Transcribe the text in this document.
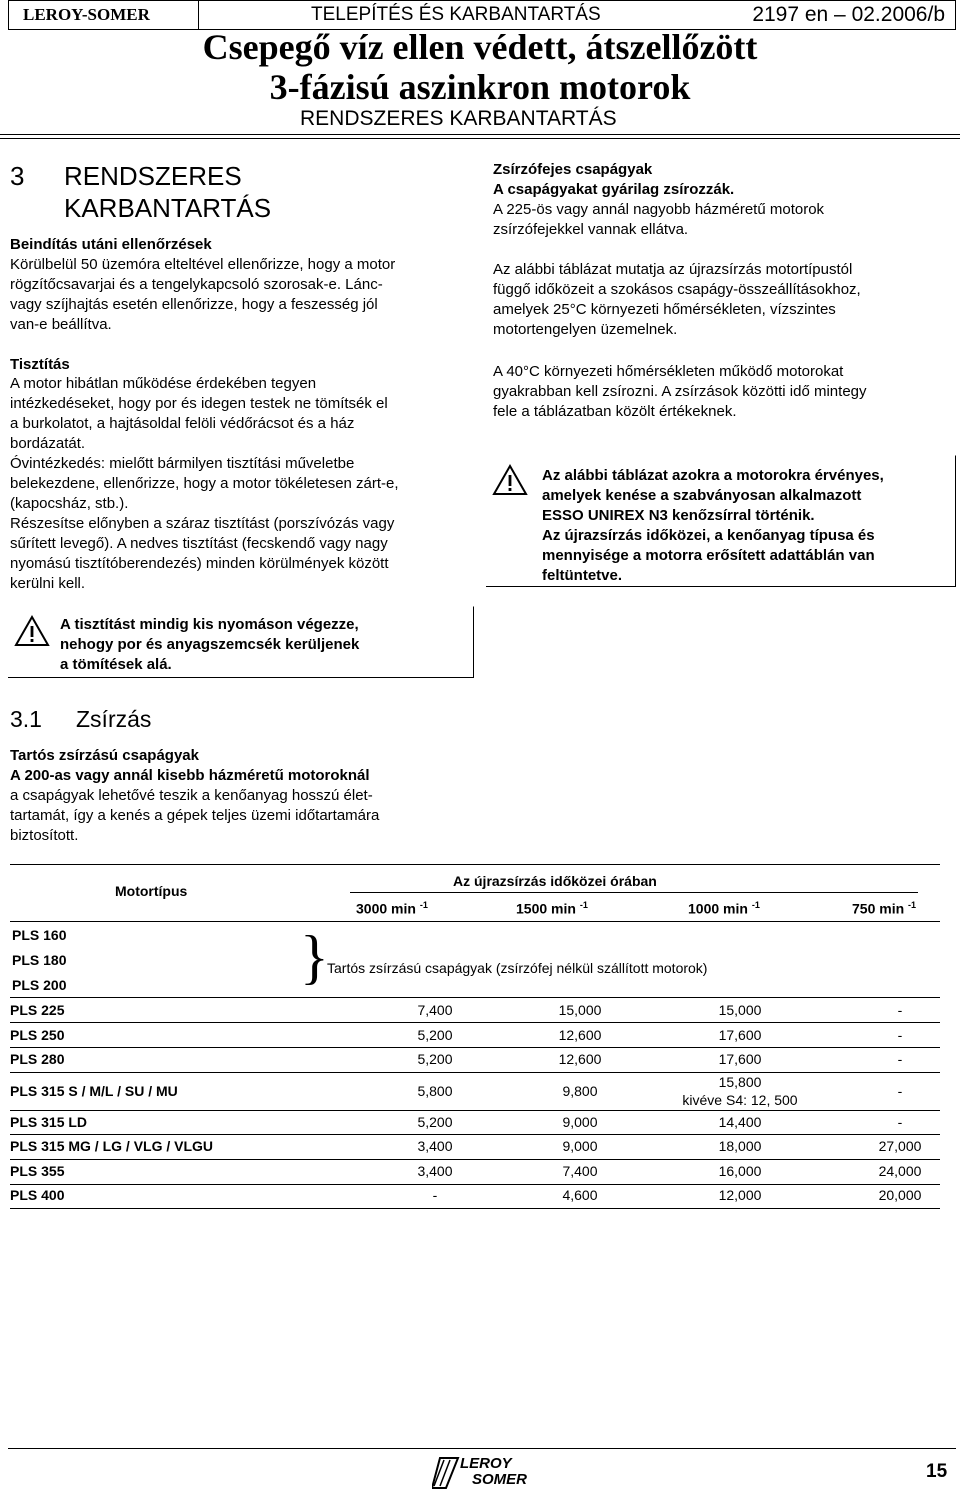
LEROY-SOMER	TELEPÍTÉS ÉS KARBANTARTÁS	2197 en – 02.2006/b
Csepegő víz ellen védett, átszellőzött
3-fázisú aszinkron motorok
RENDSZERES KARBANTARTÁS
3 RENDSZERES
KARBANTARTÁS
Beindítás utáni ellenőrzések
Körülbelül 50 üzemóra elteltével ellenőrizze, hogy a motor
rögzítőcsavarjai és a tengelykapcsoló szorosak-e. Lánc-
vagy szíjhajtás esetén ellenőrizze, hogy a feszesség jól
van-e beállítva.
Tisztítás
A motor hibátlan működése érdekében tegyen
intézkedéseket, hogy por és idegen testek ne tömítsék el
a burkolatot, a hajtásoldal felöli védőrácsot és a ház
bordázatát.
Óvintézkedés: mielőtt bármilyen tisztítási műveletbe
belekezdene, ellenőrizze, hogy a motor tökéletesen zárt-e,
(kapocsház, stb.).
Részesítse előnyben a száraz tisztítást (porszívózás vagy
sűrített levegő). A nedves tisztítást (fecskendő vagy nagy
nyomású tisztítóberendezés) minden körülmények között
kerülni kell.
A tisztítást mindig kis nyomáson végezze,
nehogy por és anyagszemcsék kerüljenek
a tömítések alá.
3.1 Zsírzás
Tartós zsírzású csapágyak
A 200-as vagy annál kisebb házméretű motoroknál
a csapágyak lehetővé teszik a kenőanyag hosszú élet-
tartamát, így a kenés a gépek teljes üzemi időtartamára
biztosított.
Zsírzófejes csapágyak
A csapágyakat gyárilag zsírozzák.
A 225-ös vagy annál nagyobb házméretű motorok
zsírzófejekkel vannak ellátva.
Az alábbi táblázat mutatja az újrazsírzás motortípustól
függő időközeit a szokásos csapágy-összeállításokhoz,
amelyek 25°C környezeti hőmérsékleten, vízszintes
motortengelyen üzemelnek.
A 40°C környezeti hőmérsékleten működő motorokat
gyakrabban kell zsírozni. A zsírzások közötti idő mintegy
fele a táblázatban közölt értékeknek.
Az alábbi táblázat azokra a motorokra érvényes,
amelyek kenése a szabványosan alkalmazott
ESSO UNIREX N3 kenőzsírral történik.
Az újrazsírzás időközei, a kenőanyag típusa és
mennyisége a motorra erősített adattáblán van
feltüntetve.
Motortípus
Az újrazsírzás időközei órában
3000 min $^{-1}$	1500 min $^{-1}$	1000 min $^{-1}$	750 min $^{-1}$
PLS 160
PLS 180
PLS 200	}
Tartós zsírzású csapágyak (zsírzófej nélkül szállított motorok)
PLS 225	7,400	15,000	15,000	-
PLS 250	5,200	12,600	17,600	-
PLS 280	5,200	12,600	17,600	-
PLS 315 S / M/L / SU / MU	5,800	9,800	15,800
kivéve S4: 12, 500	-
PLS 315 LD	5,200	9,000	14,400	-
PLS 315 MG / LG / VLG / VLGU	3,400	9,000	18,000	27,000
PLS 355	3,400	7,400	16,000	24,000
PLS 400	-	4,600	12,000	20,000
LEROY
SOMER	15
